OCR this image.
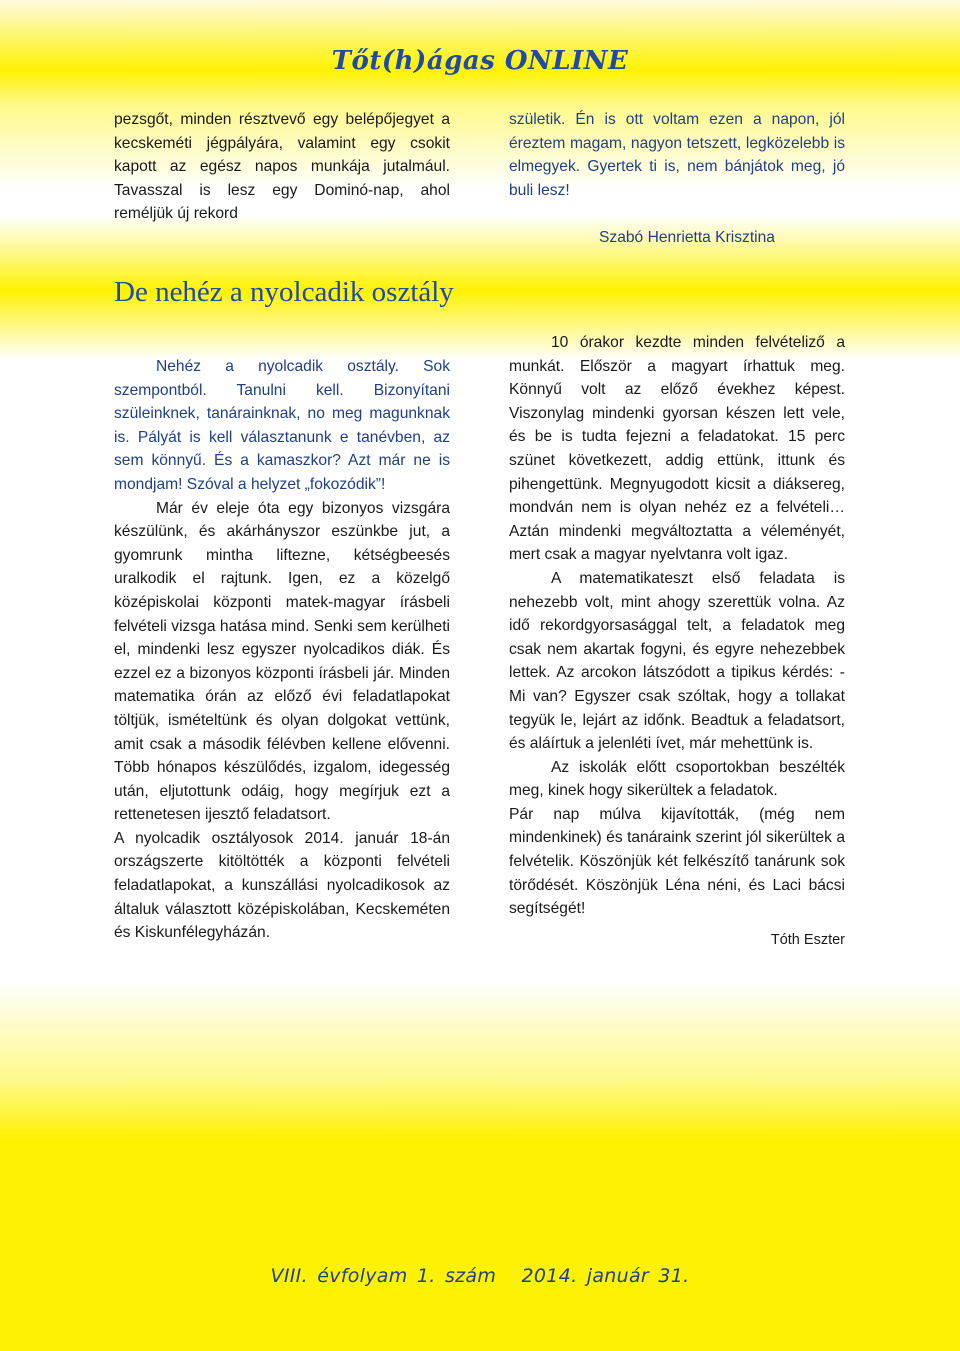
Tőt(h)ágas ONLINE

pezsgőt, minden résztvevő egy belépőjegyet a kecskeméti jégpályára, valamint egy csokit kapott az egész napos munkája jutalmául. Tavasszal is lesz egy Dominó-nap, ahol reméljük új rekord

születik. Én is ott voltam ezen a napon, jól éreztem magam, nagyon tetszett, legközelebb is elmegyek. Gyertek ti is, nem bánjátok meg, jó buli lesz!

Szabó Henrietta Krisztina

De nehéz a nyolcadik osztály

Nehéz a nyolcadik osztály. Sok szempontból. Tanulni kell. Bizonyítani szüleinknek, tanárainknak, no meg magunknak is. Pályát is kell választanunk e tanévben, az sem könnyű. És a kamaszkor? Azt már ne is mondjam! Szóval a helyzet „fokozódik”!

Már év eleje óta egy bizonyos vizsgára készülünk, és akárhányszor eszünkbe jut, a gyomrunk mintha liftezne, kétségbeesés uralkodik el rajtunk. Igen, ez a közelgő középiskolai központi matek-magyar írásbeli felvételi vizsga hatása mind. Senki sem kerülheti el, mindenki lesz egyszer nyolcadikos diák. És ezzel ez a bizonyos központi írásbeli jár. Minden matematika órán az előző évi feladatlapokat töltjük, ismételtünk és olyan dolgokat vettünk, amit csak a második félévben kellene elővenni. Több hónapos készülődés, izgalom, idegesség után, eljutottunk odáig, hogy megírjuk ezt a rettenetesen ijesztő feladatsort.

A nyolcadik osztályosok 2014. január 18-án országszerte kitöltötték a központi felvételi feladatlapokat, a kunszállási nyolcadikosok az általuk választott középiskolában, Kecskeméten és Kiskunfélegyházán.

10 órakor kezdte minden felvételiző a munkát. Először a magyart írhattuk meg. Könnyű volt az előző évekhez képest. Viszonylag mindenki gyorsan készen lett vele, és be is tudta fejezni a feladatokat. 15 perc szünet következett, addig ettünk, ittunk és pihengettünk. Megnyugodott kicsit a diáksereg, mondván nem is olyan nehéz ez a felvételi… Aztán mindenki megváltoztatta a véleményét, mert csak a magyar nyelvtanra volt igaz.

A matematikateszt első feladata is nehezebb volt, mint ahogy szerettük volna. Az idő rekordgyorsasággal telt, a feladatok meg csak nem akartak fogyni, és egyre nehezebbek lettek. Az arcokon látszódott a tipikus kérdés: - Mi van? Egyszer csak szóltak, hogy a tollakat tegyük le, lejárt az időnk. Beadtuk a feladatsort, és aláírtuk a jelenléti ívet, már mehettünk is.

Az iskolák előtt csoportokban beszélték meg, kinek hogy sikerültek a feladatok.

Pár nap múlva kijavították, (még nem mindenkinek) és tanáraink szerint jól sikerültek a felvételik. Köszönjük két felkészítő tanárunk sok törődését. Köszönjük Léna néni, és Laci bácsi segítségét!

Tóth Eszter

VIII. évfolyam 1. szám 2014. január 31.
